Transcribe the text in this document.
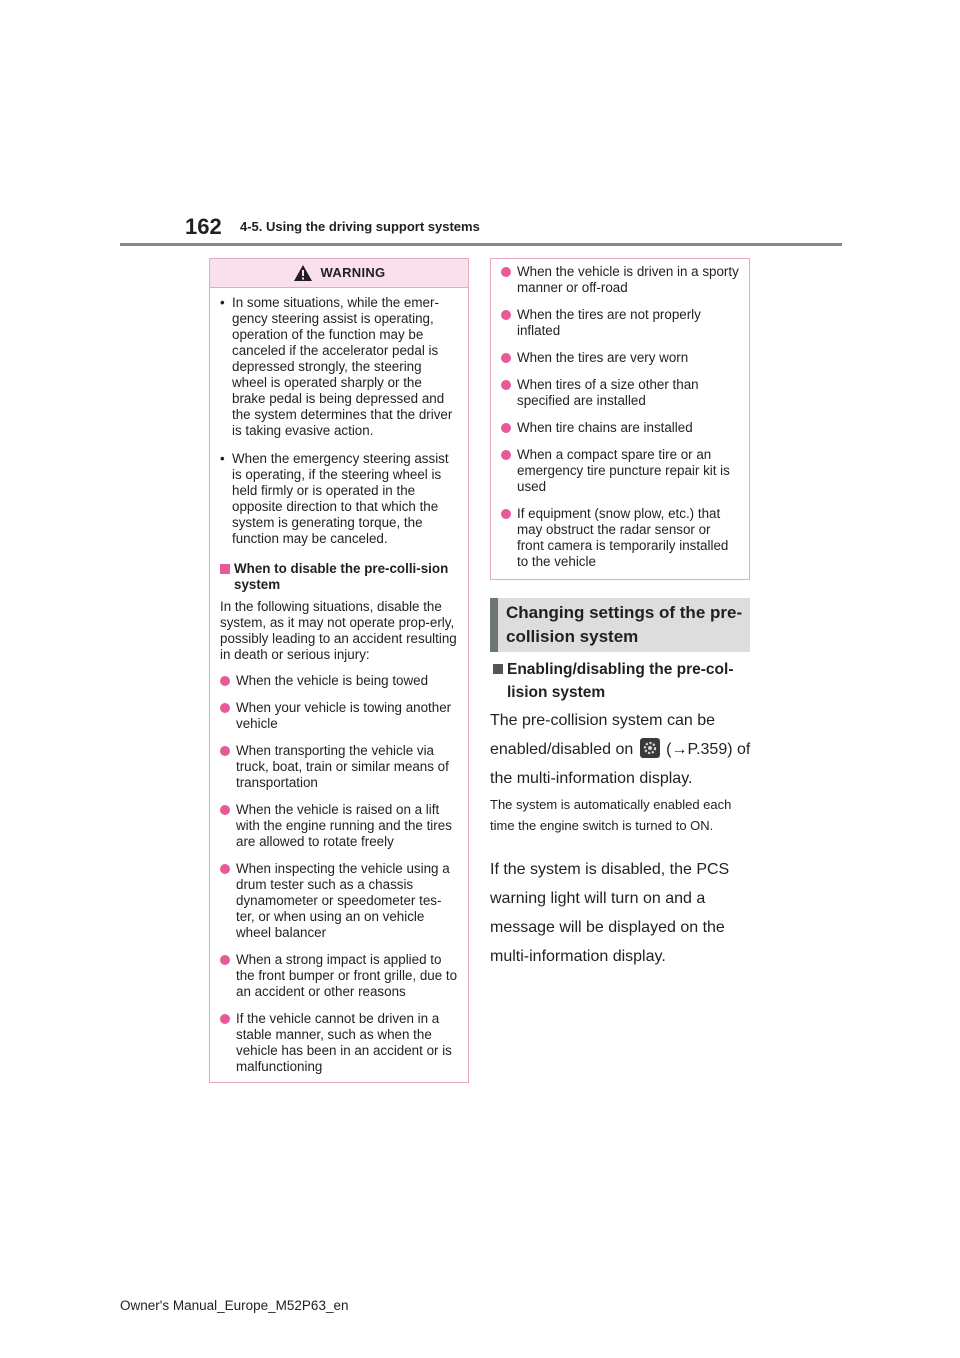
162 4-5. Using the driving support systems
WARNING
• In some situations, while the emer-gency steering assist is operating, operation of the function may be canceled if the accelerator pedal is depressed strongly, the steering wheel is operated sharply or the brake pedal is being depressed and the system determines that the driver is taking evasive action.
• When the emergency steering assist is operating, if the steering wheel is held firmly or is operated in the opposite direction to that which the system is generating torque, the function may be canceled.
When to disable the pre-colli-sion system
In the following situations, disable the system, as it may not operate prop-erly, possibly leading to an accident resulting in death or serious injury:
When the vehicle is being towed
When your vehicle is towing another vehicle
When transporting the vehicle via truck, boat, train or similar means of transportation
When the vehicle is raised on a lift with the engine running and the tires are allowed to rotate freely
When inspecting the vehicle using a drum tester such as a chassis dynamometer or speedometer tes-ter, or when using an on vehicle wheel balancer
When a strong impact is applied to the front bumper or front grille, due to an accident or other reasons
If the vehicle cannot be driven in a stable manner, such as when the vehicle has been in an accident or is malfunctioning
When the vehicle is driven in a sporty manner or off-road
When the tires are not properly inflated
When the tires are very worn
When tires of a size other than specified are installed
When tire chains are installed
When a compact spare tire or an emergency tire puncture repair kit is used
If equipment (snow plow, etc.) that may obstruct the radar sensor or front camera is temporarily installed to the vehicle
Changing settings of the pre-collision system
Enabling/disabling the pre-col-lision system
The pre-collision system can be enabled/disabled on (→P.359) of the multi-information display.
The system is automatically enabled each time the engine switch is turned to ON.
If the system is disabled, the PCS warning light will turn on and a message will be displayed on the multi-information display.
Owner's Manual_Europe_M52P63_en
